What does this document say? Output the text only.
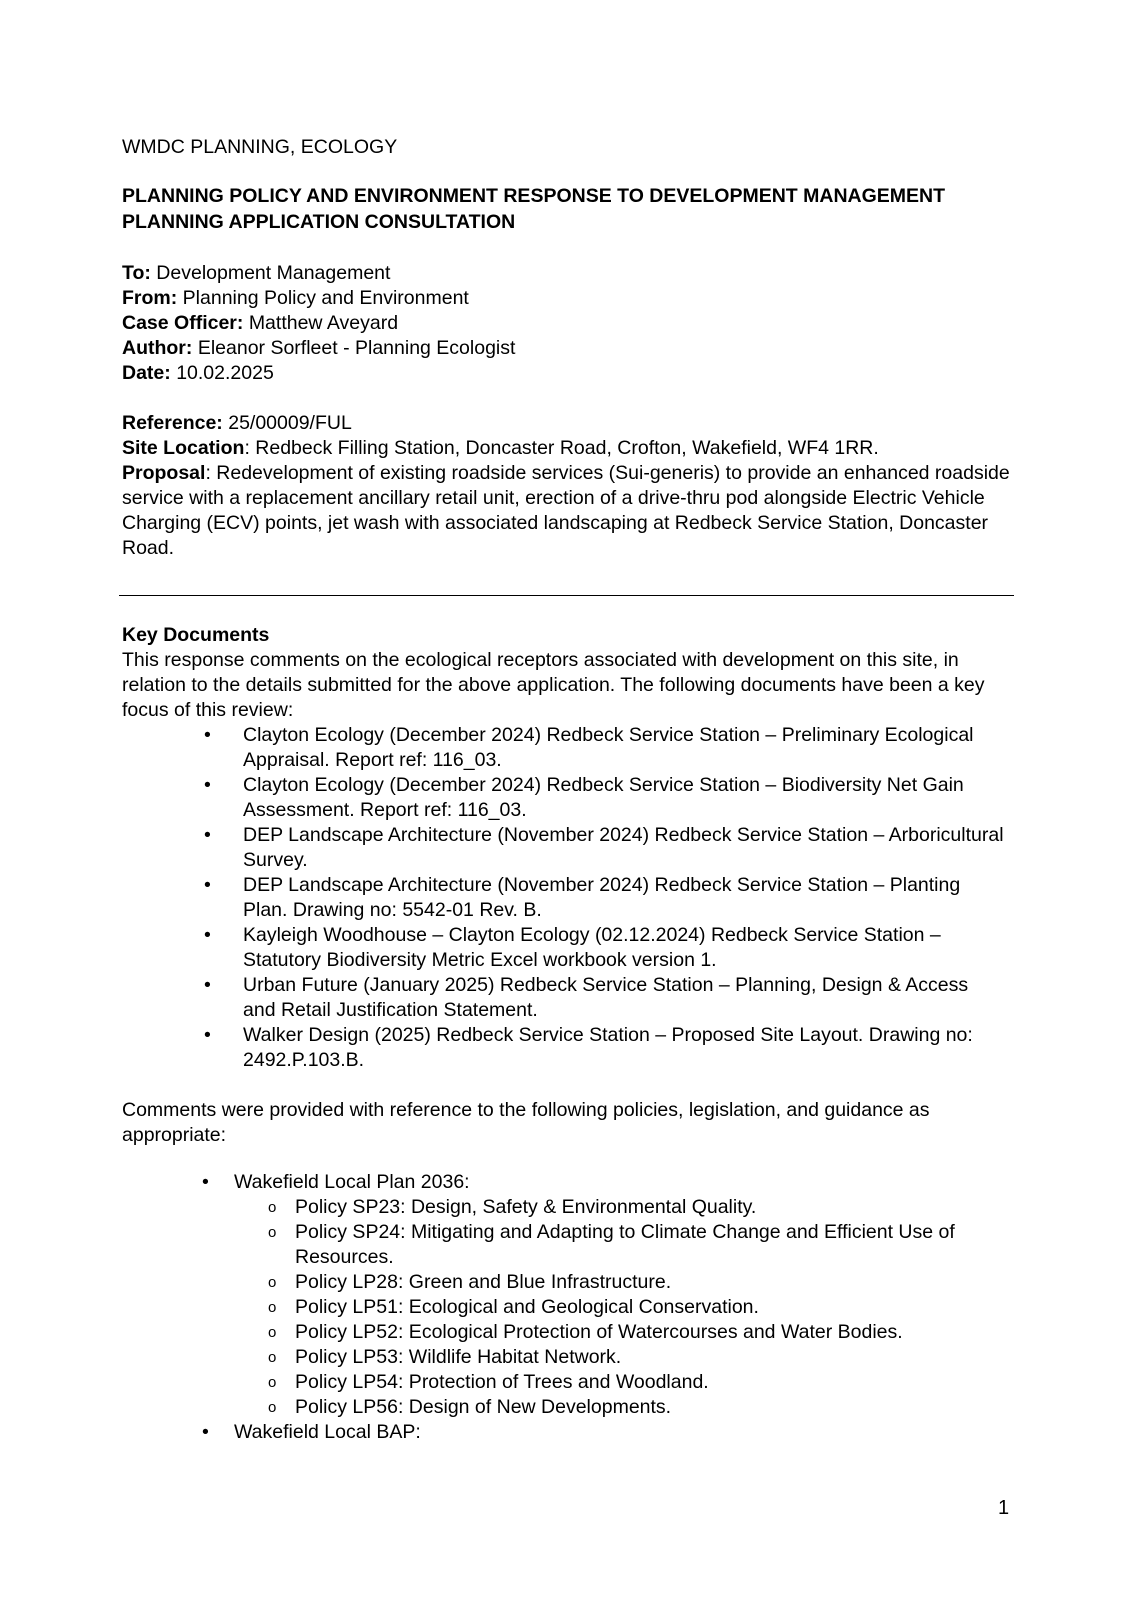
WMDC PLANNING, ECOLOGY

PLANNING POLICY AND ENVIRONMENT RESPONSE TO DEVELOPMENT MANAGEMENT
PLANNING APPLICATION CONSULTATION
To: Development Management
From: Planning Policy and Environment
Case Officer: Matthew Aveyard
Author: Eleanor Sorfleet - Planning Ecologist
Date: 10.02.2025
Reference: 25/00009/FUL
Site Location: Redbeck Filling Station, Doncaster Road, Crofton, Wakefield, WF4 1RR.
Proposal: Redevelopment of existing roadside services (Sui-generis) to provide an enhanced roadside service with a replacement ancillary retail unit, erection of a drive-thru pod alongside Electric Vehicle Charging (ECV) points, jet wash with associated landscaping at Redbeck Service Station, Doncaster Road.
Key Documents

This response comments on the ecological receptors associated with development on this site, in relation to the details submitted for the above application. The following documents have been a key focus of this review:

• Clayton Ecology (December 2024) Redbeck Service Station – Preliminary Ecological Appraisal. Report ref: 116_03.
• Clayton Ecology (December 2024) Redbeck Service Station – Biodiversity Net Gain Assessment. Report ref: 116_03.
• DEP Landscape Architecture (November 2024) Redbeck Service Station – Arboricultural Survey.
• DEP Landscape Architecture (November 2024) Redbeck Service Station – Planting Plan. Drawing no: 5542-01 Rev. B.
• Kayleigh Woodhouse – Clayton Ecology (02.12.2024) Redbeck Service Station – Statutory Biodiversity Metric Excel workbook version 1.
• Urban Future (January 2025) Redbeck Service Station – Planning, Design & Access and Retail Justification Statement.
• Walker Design (2025) Redbeck Service Station – Proposed Site Layout. Drawing no: 2492.P.103.B.

Comments were provided with reference to the following policies, legislation, and guidance as appropriate:

• Wakefield Local Plan 2036:
o Policy SP23: Design, Safety & Environmental Quality.
o Policy SP24: Mitigating and Adapting to Climate Change and Efficient Use of Resources.
o Policy LP28: Green and Blue Infrastructure.
o Policy LP51: Ecological and Geological Conservation.
o Policy LP52: Ecological Protection of Watercourses and Water Bodies.
o Policy LP53: Wildlife Habitat Network.
o Policy LP54: Protection of Trees and Woodland.
o Policy LP56: Design of New Developments.
• Wakefield Local BAP:
1
